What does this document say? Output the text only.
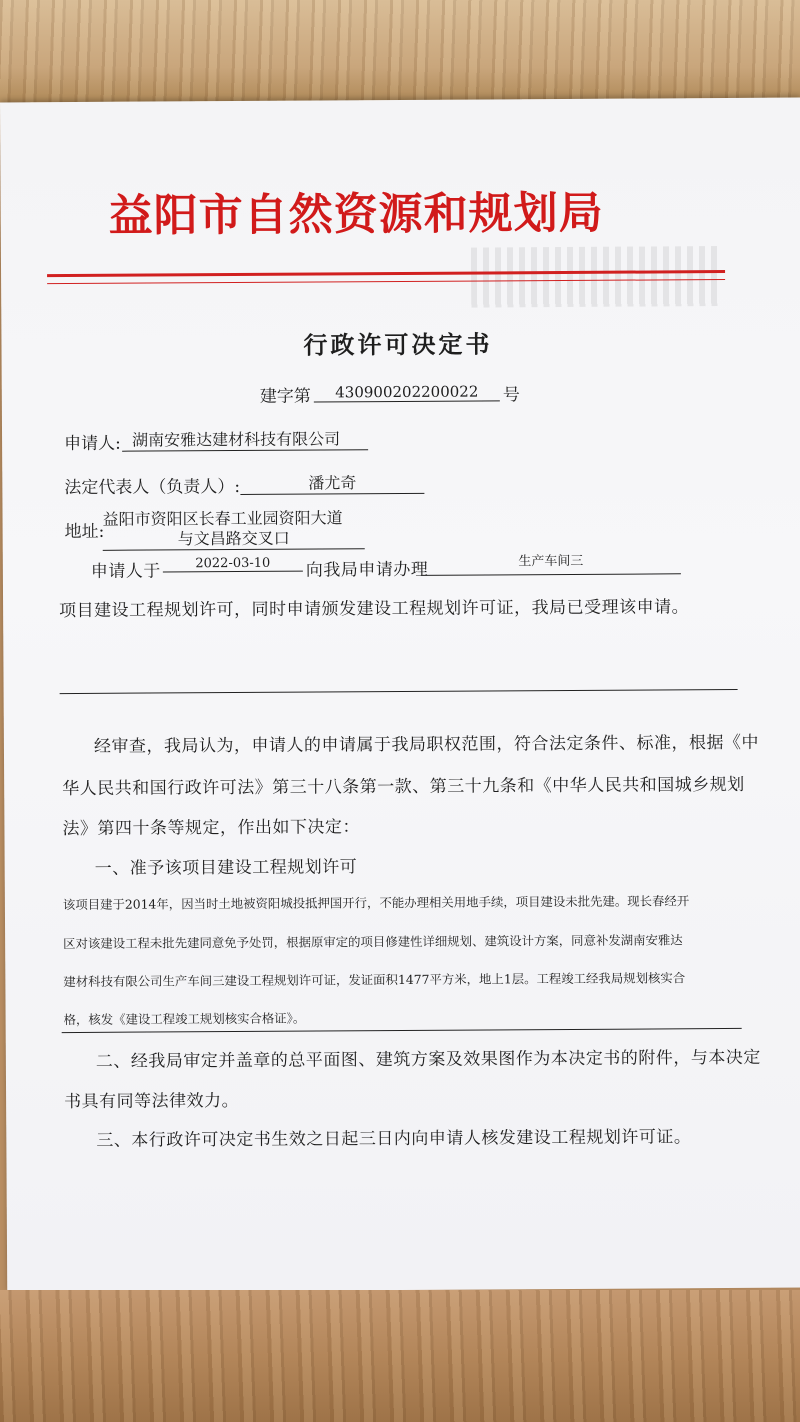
益阳市自然资源和规划局
行政许可决定书
建字第	430900202200022	号
申请人: 湖南安雅达建材科技有限公司
法定代表人（负责人）:	潘尤奇
地址:
益阳市资阳区长春工业园资阳大道
与文昌路交叉口
申请人于	2022-03-10	向我局申请办理	生产车间三
项目建设工程规划许可，同时申请颁发建设工程规划许可证，我局已受理该申请。
经审查，我局认为，申请人的申请属于我局职权范围，符合法定条件、标准，根据《中
华人民共和国行政许可法》第三十八条第一款、第三十九条和《中华人民共和国城乡规划
法》第四十条等规定，作出如下决定：
一、准予该项目建设工程规划许可
该项目建于2014年，因当时土地被资阳城投抵押国开行，不能办理相关用地手续，项目建设未批先建。现长春经开
区对该建设工程未批先建同意免予处罚，根据原审定的项目修建性详细规划、建筑设计方案，同意补发湖南安雅达
建材科技有限公司生产车间三建设工程规划许可证，发证面积1477平方米，地上1层。工程竣工经我局规划核实合
格，核发《建设工程竣工规划核实合格证》。
二、经我局审定并盖章的总平面图、建筑方案及效果图作为本决定书的附件，与本决定
书具有同等法律效力。
三、本行政许可决定书生效之日起三日内向申请人核发建设工程规划许可证。
